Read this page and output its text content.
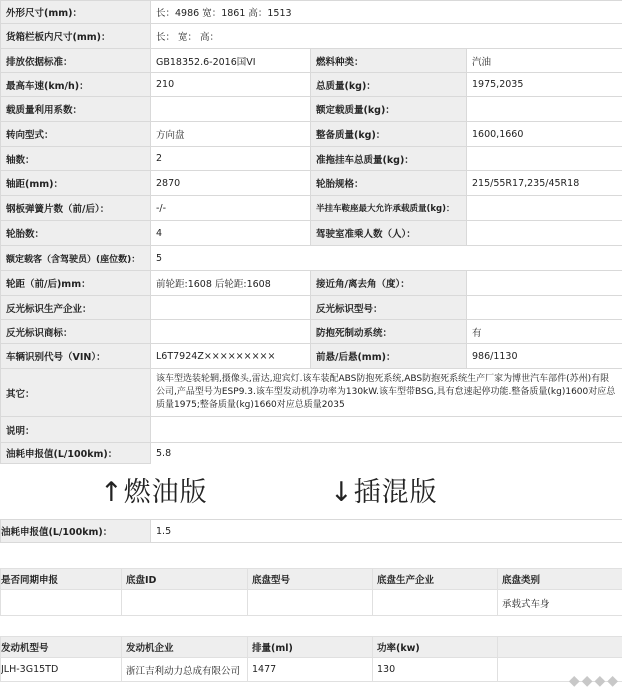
外形尺寸(mm)：	长：4986 宽：1861 高：1513		
货箱栏板内尺寸(mm)：	长： 宽： 高：		
排放依据标准：	GB18352.6-2016国VI	燃料种类：	汽油
最高车速(km/h)：	210	总质量(kg)：	1975,2035
载质量利用系数：		额定载质量(kg)：	
转向型式：	方向盘	整备质量(kg)：	1600,1660
轴数：	2	准拖挂车总质量(kg)：	
轴距(mm)：	2870	轮胎规格：	215/55R17,235/45R18
钢板弹簧片数（前/后）：	-/-	半挂车鞍座最大允许承载质量(kg)：	
轮胎数：	4	驾驶室准乘人数（人）：	
额定载客（含驾驶员）(座位数)：	5		
轮距（前/后)mm：	前轮距:1608 后轮距:1608	接近角/离去角（度）：	
反光标识生产企业：		反光标识型号：	
反光标识商标：		防抱死制动系统：	有
车辆识别代号（VIN）：	L6T7924Z×××××××××	前悬/后悬(mm)：	986/1130
其它：	该车型选装轮辋,摄像头,雷达,迎宾灯.该车装配ABS防抱死系统,ABS防抱死系统生产厂家为博世汽车部件(苏州)有限公司,产品型号为ESP9.3.该车型发动机净功率为130kW.该车型带BSG,具有怠速起停功能.整备质量(kg)1600对应总质量1975;整备质量(kg)1660对应总质量2035		
说明：			
油耗申报值(L/100km)：	5.8		
↑燃油版	↓插混版
油耗申报值(L/100km)：	1.5
是否同期申报	底盘ID	底盘型号	底盘生产企业	底盘类别
				承载式车身
发动机型号	发动机企业	排量(ml)	功率(kw)	
JLH-3G15TD	浙江吉利动力总成有限公司	1477	130	
◆◆◆◆
